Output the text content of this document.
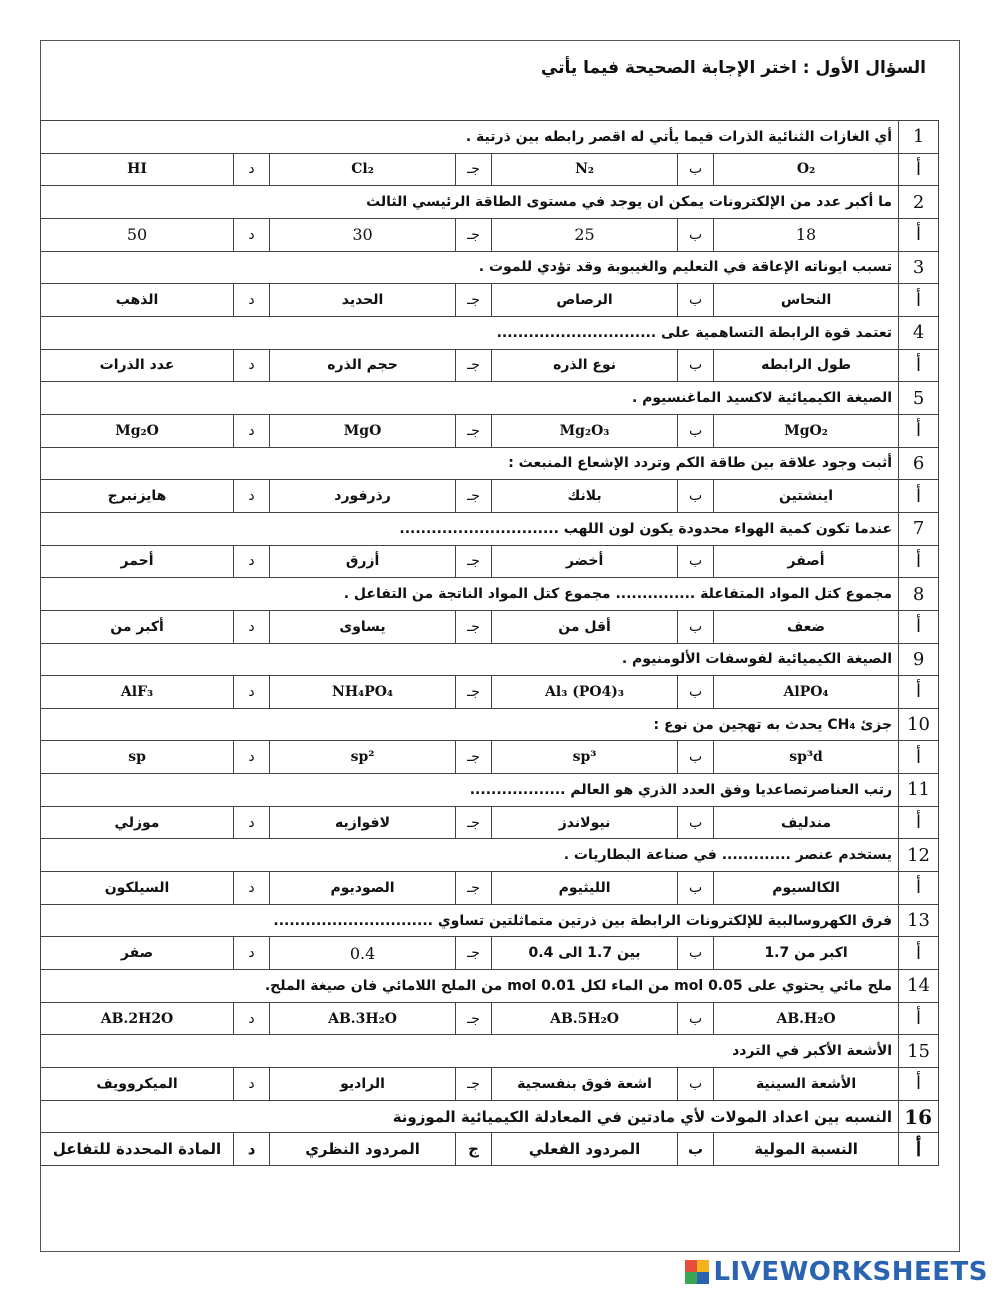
السؤال الأول : اختر الإجابة الصحيحة فيما يأتي
1	أي الغازات الثنائية الذرات فيما يأتي له اقصر رابطه بين ذرتية .						
أ	O₂	ب	N₂	جـ	Cl₂	د	HI
2	ما أكبر عدد من الإلكترونات يمكن ان يوجد في مستوى الطاقة الرئيسي الثالث						
أ	18	ب	25	جـ	30	د	50
3	تسبب ايوناته الإعاقة في التعليم والغيبوبة وقد تؤدي للموت .						
أ	النحاس	ب	الرصاص	جـ	الحديد	د	الذهب
4	تعتمد قوة الرابطة التساهمية على ..............................						
أ	طول الرابطه	ب	نوع الذره	جـ	حجم الذره	د	عدد الذرات
5	الصيغة الكيميائية لاكسيد الماغنسيوم .						
أ	MgO₂	ب	Mg₂O₃	جـ	MgO	د	Mg₂O
6	أثبت وجود علاقة بين طاقة الكم وتردد الإشعاع المنبعث :						
أ	اينشتين	ب	بلانك	جـ	رذرفورد	د	هايزنبرج
7	عندما تكون كمية الهواء محدودة يكون لون اللهب ..............................						
أ	أصفر	ب	أخضر	جـ	أزرق	د	أحمر
8	مجموع كتل المواد المتفاعلة ............... مجموع كتل المواد الناتجة من التفاعل .						
أ	ضعف	ب	أقل من	جـ	يساوى	د	أكبر من
9	الصيغة الكيميائية لفوسفات الألومنيوم .						
أ	AlPO₄	ب	Al₃ (PO4)₃	جـ	NH₄PO₄	د	AlF₃
10	جزئ CH₄ يحدث به تهجين من نوع :						
أ	sp³d	ب	sp³	جـ	sp²	د	sp
11	رتب العناصرتصاعديا وفق العدد الذري هو العالم ..................						
أ	مندليف	ب	نيولاندز	جـ	لافوازيه	د	موزلي
12	يستخدم عنصر ............. في صناعة البطاريات .						
أ	الكالسيوم	ب	الليثيوم	جـ	الصوديوم	د	السيلكون
13	فرق الكهروسالبية للإلكترونات الرابطة بين ذرتين متماثلتين تساوي ..............................						
أ	اكبر من 1.7	ب	بين 1.7 الى 0.4	جـ	0.4	د	صفر
14	ملح مائي يحتوي على 0.05 mol من الماء لكل 0.01 mol من الملح اللامائي فان صيغة الملح.						
أ	AB.H₂O	ب	AB.5H₂O	جـ	AB.3H₂O	د	AB.2H2O
15	الأشعة الأكبر في التردد						
أ	الأشعة السينية	ب	اشعة فوق بنفسجية	جـ	الراديو	د	الميكروويف
16	النسبه بين اعداد المولات لأي مادتين في المعادلة الكيميائية الموزونة						
أ	النسبة المولية	ب	المردود الفعلي	ج	المردود النظري	د	المادة المحددة للتفاعل
LIVEWORKSHEETS
